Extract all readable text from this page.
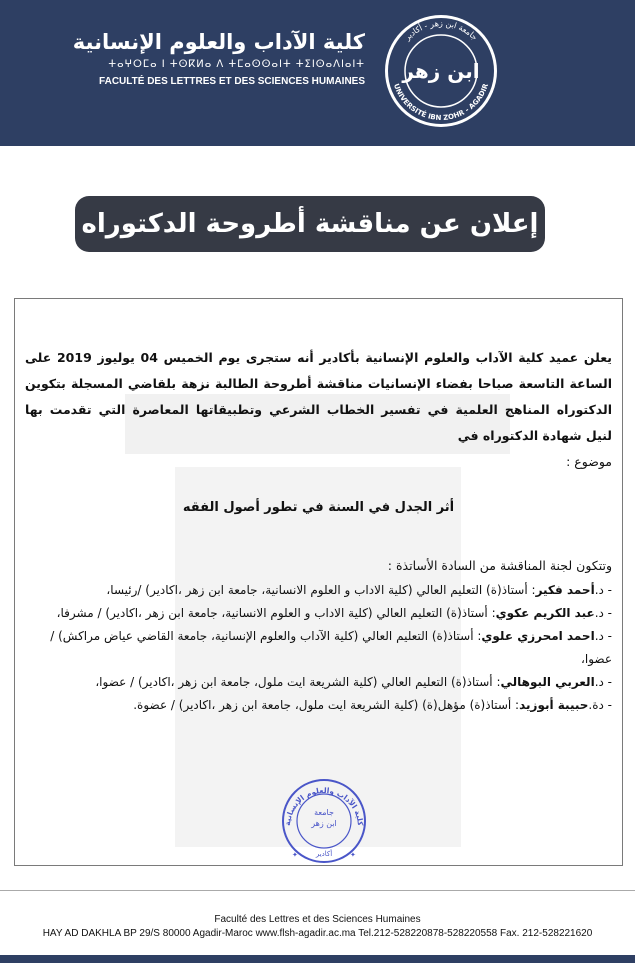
كلية الآداب والعلوم الإنسانية
ⵜⴰⵖⵔⵎⴰ ⵏ ⵜⵙⴽⵍⴰ ⴷ ⵜⵎⴰⵙⵙⴰⵏⵜ ⵜⵉⵏⵙⴰⴷⵏⴰⵏⵜ
FACULTÉ DES LETTRES ET DES SCIENCES HUMAINES
جامعة ابن زهر - أكادير
UNIVERSITÉ IBN ZOHR - AGADIR
ابن زهر
إعلان عن مناقشة أطروحة الدكتوراه

يعلن عميد كلية الآداب والعلوم الإنسانية بأكادير أنه ستجرى يوم الخميس 04 يوليوز 2019 على الساعة التاسعة صباحا بفضاء الإنسانيات مناقشة أطروحة الطالبة نزهة بلقاضي المسجلة بتكوين الدكتوراه المناهج العلمية في تفسير الخطاب الشرعي وتطبيقاتها المعاصرة التي تقدمت بها لنيل شهادة الدكتوراه في

موضوع :

أثر الجدل في السنة في تطور أصول الفقه

وتتكون لجنة المناقشة من السادة الأساتذة :

- د.أحمد فكير: أستاذ(ة) التعليم العالي (كلية الاداب و العلوم الانسانية، جامعة ابن زهر ،اكادير) /رئيسا،
- د.عبد الكريم عكوي: أستاذ(ة) التعليم العالي (كلية الاداب و العلوم الانسانية، جامعة ابن زهر ،اكادير) / مشرفا،
- د.احمد امحرزي علوي: أستاذ(ة) التعليم العالي (كلية الآداب والعلوم الإنسانية، جامعة القاضي عياض مراكش) / عضوا،
- د.العربي البوهالي: أستاذ(ة) التعليم العالي (كلية الشريعة ايت ملول، جامعة ابن زهر ،اكادير) / عضوا،
- دة.حبيبة أبوزيد: أستاذ(ة) مؤهل(ة) (كلية الشريعة ايت ملول، جامعة ابن زهر ،اكادير) / عضوة.
كلية الآداب والعلوم الإنسانية
جامعة
ابن زهر
أكادير
✦	✦
Faculté des Lettres et des Sciences Humaines
HAY AD DAKHLA BP 29/S 80000 Agadir-Maroc www.flsh-agadir.ac.ma Tel.212-528220878-528220558 Fax. 212-528221620
